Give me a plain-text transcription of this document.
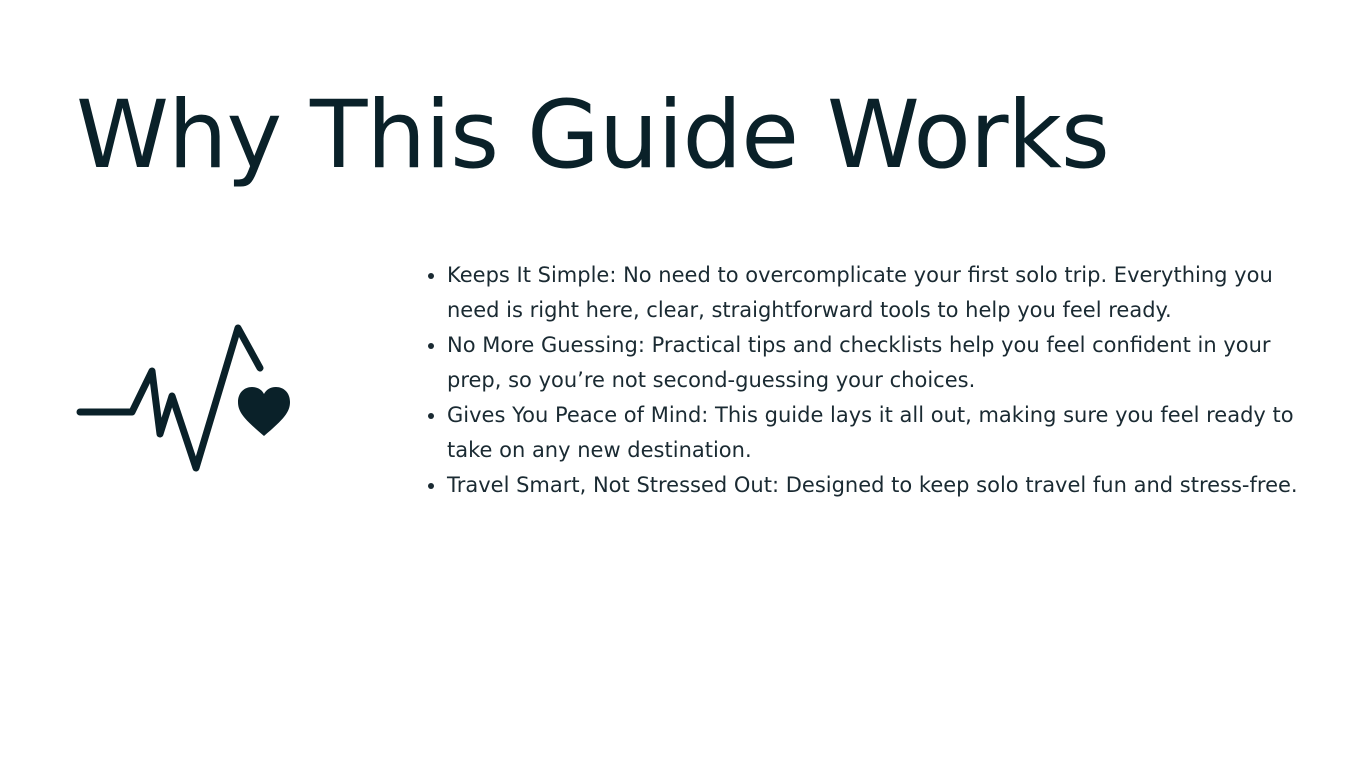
Why This Guide Works
• Keeps It Simple: No need to overcomplicate your first solo trip. Everything you need is right here, clear, straightforward tools to help you feel ready.
• No More Guessing: Practical tips and checklists help you feel confident in your prep, so you’re not second-guessing your choices.
• Gives You Peace of Mind: This guide lays it all out, making sure you feel ready to take on any new destination.
• Travel Smart, Not Stressed Out: Designed to keep solo travel fun and stress-free.
